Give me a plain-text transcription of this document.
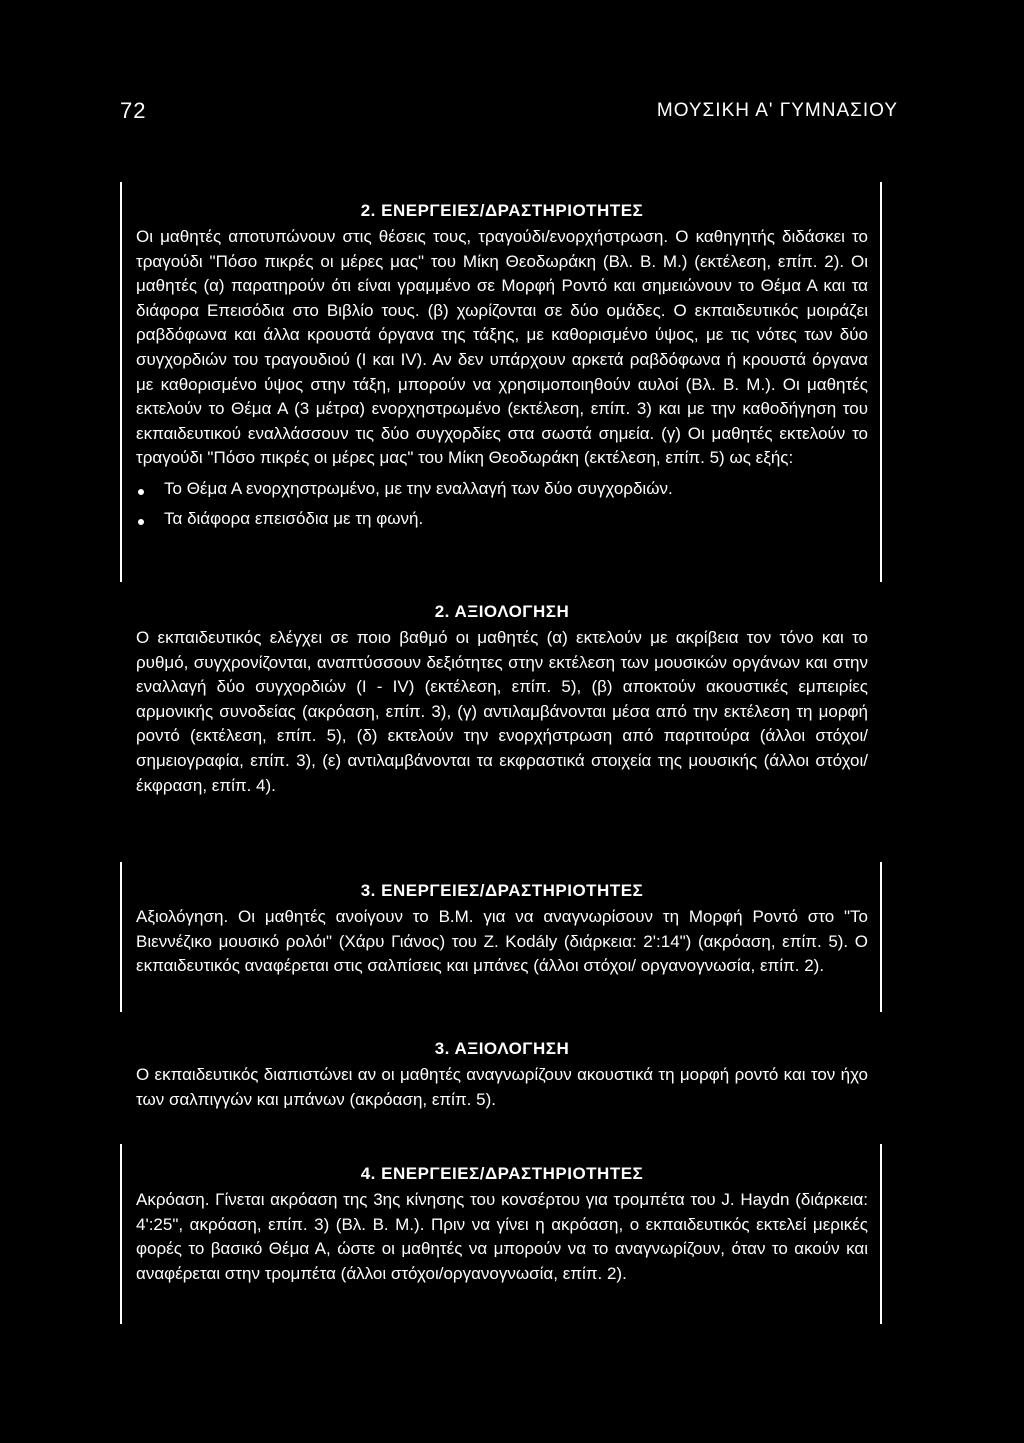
72	ΜΟΥΣΙΚΗ Α' ΓΥΜΝΑΣΙΟΥ
2. ΕΝΕΡΓΕΙΕΣ/ΔΡΑΣΤΗΡΙΟΤΗΤΕΣ

Οι μαθητές αποτυπώνουν στις θέσεις τους, τραγούδι/ενορχήστρωση. Ο καθηγητής διδάσκει το τραγούδι "Πόσο πικρές οι μέρες μας" του Μίκη Θεοδωράκη (Βλ. Β. Μ.) (εκτέλεση, επίπ. 2). Οι μαθητές (α) παρατηρούν ότι είναι γραμμένο σε Μορφή Ροντό και σημειώνουν το Θέμα Α και τα διάφορα Επεισόδια στο Βιβλίο τους. (β) χωρίζονται σε δύο ομάδες. Ο εκπαιδευτικός μοιράζει ραβδόφωνα και άλλα κρουστά όργανα της τάξης, με καθορισμένο ύψος, με τις νότες των δύο συγχορδιών του τραγουδιού (I και IV). Αν δεν υπάρχουν αρκετά ραβδόφωνα ή κρουστά όργανα με καθορισμένο ύψος στην τάξη, μπορούν να χρησιμοποιηθούν αυλοί (Βλ. Β. Μ.). Οι μαθητές εκτελούν το Θέμα Α (3 μέτρα) ενορχηστρωμένο (εκτέλεση, επίπ. 3) και με την καθοδήγηση του εκπαιδευτικού εναλλάσσουν τις δύο συγχορδίες στα σωστά σημεία. (γ) Οι μαθητές εκτελούν το τραγούδι "Πόσο πικρές οι μέρες μας" του Μίκη Θεοδωράκη (εκτέλεση, επίπ. 5) ως εξής:

Το Θέμα Α ενορχηστρωμένο, με την εναλλαγή των δύο συγχορδιών.
Τα διάφορα επεισόδια με τη φωνή.
2. ΑΞΙΟΛΟΓΗΣΗ

Ο εκπαιδευτικός ελέγχει σε ποιο βαθμό οι μαθητές (α) εκτελούν με ακρίβεια τον τόνο και το ρυθμό, συγχρονίζονται, αναπτύσσουν δεξιότητες στην εκτέλεση των μουσικών οργάνων και στην εναλλαγή δύο συγχορδιών (I - IV) (εκτέλεση, επίπ. 5), (β) αποκτούν ακουστικές εμπειρίες αρμονικής συνοδείας (ακρόαση, επίπ. 3), (γ) αντιλαμβάνονται μέσα από την εκτέλεση τη μορφή ροντό (εκτέλεση, επίπ. 5), (δ) εκτελούν την ενορχήστρωση από παρτιτούρα (άλλοι στόχοι/σημειογραφία, επίπ. 3), (ε) αντιλαμβάνονται τα εκφραστικά στοιχεία της μουσικής (άλλοι στόχοι/έκφραση, επίπ. 4).

3. ΕΝΕΡΓΕΙΕΣ/ΔΡΑΣΤΗΡΙΟΤΗΤΕΣ

Αξιολόγηση. Οι μαθητές ανοίγουν το Β.Μ. για να αναγνωρίσουν τη Μορφή Ροντό στο "Το Βιεννέζικο μουσικό ρολόι" (Χάρυ Γιάνος) του Z. Kodály (διάρκεια: 2':14") (ακρόαση, επίπ. 5). Ο εκπαιδευτικός αναφέρεται στις σαλπίσεις και μπάνες (άλλοι στόχοι/ οργανογνωσία, επίπ. 2).

3. ΑΞΙΟΛΟΓΗΣΗ

Ο εκπαιδευτικός διαπιστώνει αν οι μαθητές αναγνωρίζουν ακουστικά τη μορφή ροντό και τον ήχο των σαλπιγγών και μπάνων (ακρόαση, επίπ. 5).

4. ΕΝΕΡΓΕΙΕΣ/ΔΡΑΣΤΗΡΙΟΤΗΤΕΣ

Ακρόαση. Γίνεται ακρόαση της 3ης κίνησης του κονσέρτου για τρομπέτα του J. Haydn (διάρκεια: 4':25", ακρόαση, επίπ. 3) (Βλ. Β. Μ.). Πριν να γίνει η ακρόαση, ο εκπαιδευτικός εκτελεί μερικές φορές το βασικό Θέμα Α, ώστε οι μαθητές να μπορούν να το αναγνωρίζουν, όταν το ακούν και αναφέρεται στην τρομπέτα (άλλοι στόχοι/οργανογνωσία, επίπ. 2).
